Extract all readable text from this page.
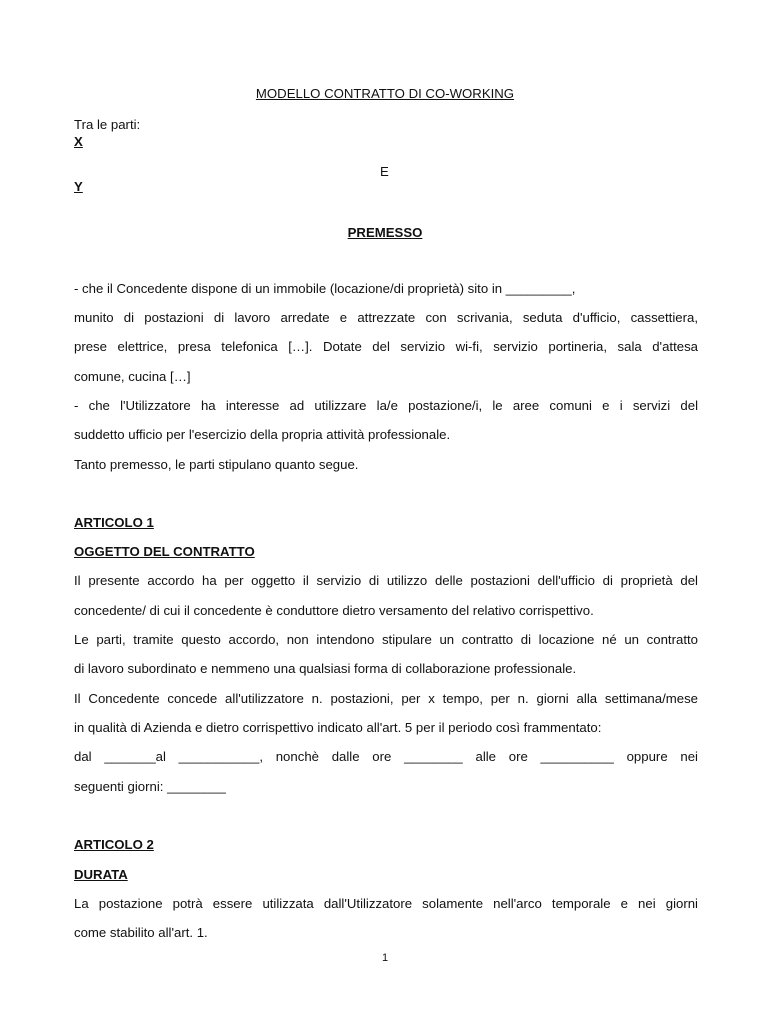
MODELLO CONTRATTO DI CO-WORKING
Tra le parti:
X
E
Y
PREMESSO
- che il Concedente dispone di un immobile (locazione/di proprietà) sito in _________,
munito di postazioni di lavoro arredate e attrezzate con scrivania, seduta d'ufficio, cassettiera,
prese elettrice, presa telefonica […]. Dotate del servizio wi-fi, servizio portineria, sala d'attesa
comune, cucina […]
- che l'Utilizzatore ha interesse ad utilizzare la/e postazione/i, le aree comuni e i servizi del
suddetto ufficio per l'esercizio della propria attività professionale.
Tanto premesso, le parti stipulano quanto segue.
ARTICOLO 1
OGGETTO DEL CONTRATTO
Il presente accordo ha per oggetto il servizio di utilizzo delle postazioni dell'ufficio di proprietà del
concedente/ di cui il concedente è conduttore dietro versamento del relativo corrispettivo.
Le parti, tramite questo accordo, non intendono stipulare un contratto di locazione né un contratto
di lavoro subordinato e nemmeno una qualsiasi forma di collaborazione professionale.
Il Concedente concede all'utilizzatore n. postazioni, per x tempo, per n. giorni alla settimana/mese
in qualità di Azienda e dietro corrispettivo indicato all'art. 5 per il periodo così frammentato:
dal _______al ___________, nonchè dalle ore ________ alle ore __________ oppure nei
seguenti giorni: ________
ARTICOLO 2
DURATA
La postazione potrà essere utilizzata dall'Utilizzatore solamente nell'arco temporale e nei giorni
come stabilito all'art. 1.
1
